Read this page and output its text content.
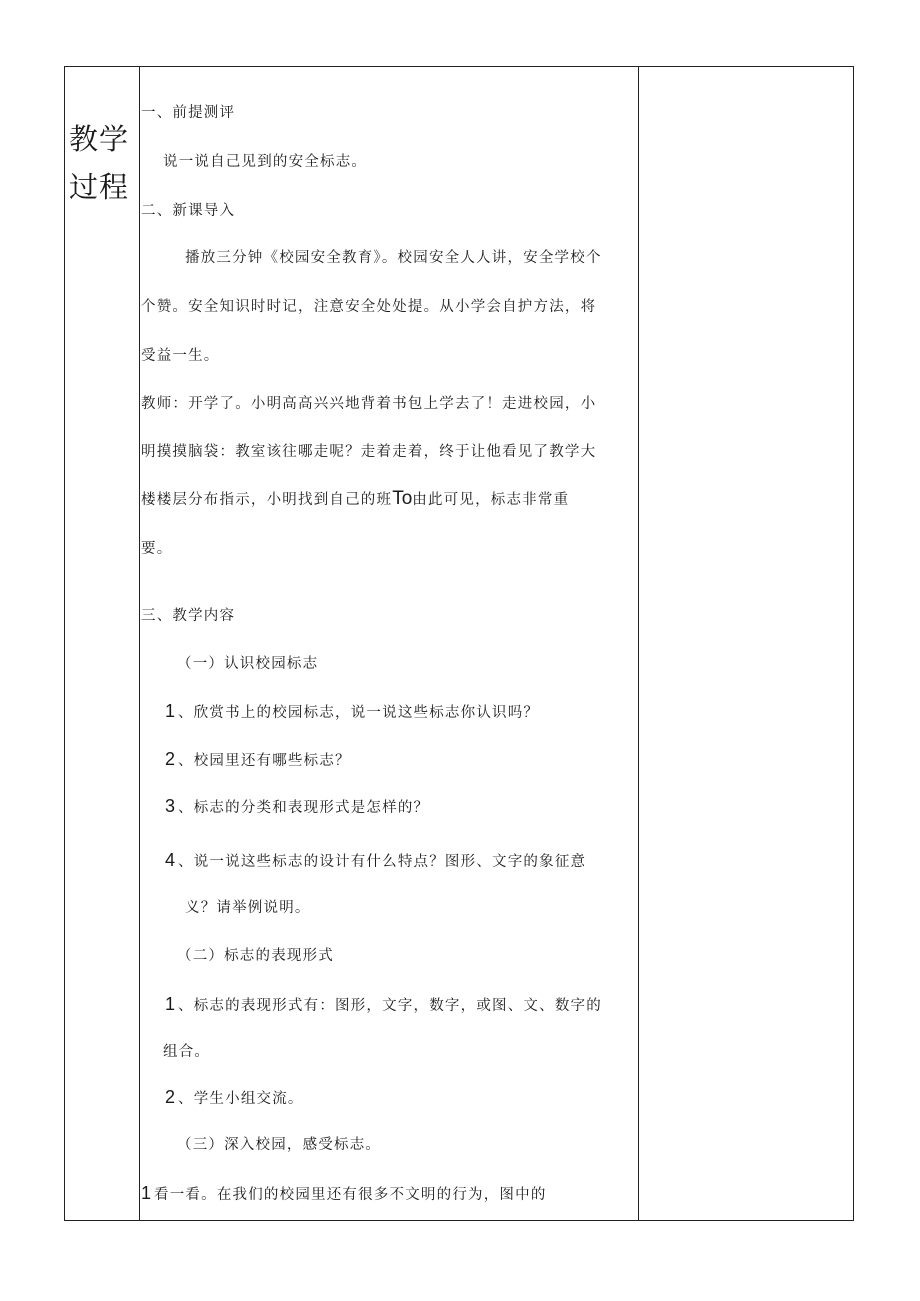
教学过程
一、前提测评
说一说自己见到的安全标志。
二、新课导入
播放三分钟《校园安全教育》。校园安全人人讲，安全学校个
个赞。安全知识时时记，注意安全处处提。从小学会自护方法，将
受益一生。
教师：开学了。小明高高兴兴地背着书包上学去了！走进校园，小
明摸摸脑袋：教室该往哪走呢？走着走着，终于让他看见了教学大
楼楼层分布指示，小明找到自己的班To由此可见，标志非常重
要。
三、教学内容
（一）认识校园标志
1 、欣赏书上的校园标志，说一说这些标志你认识吗？
2 、校园里还有哪些标志？
3 、标志的分类和表现形式是怎样的？
4 、说一说这些标志的设计有什么特点？图形、文字的象征意
义？请举例说明。
（二）标志的表现形式
1 、标志的表现形式有：图形，文字，数字，或图、文、数字的
组合。
2 、学生小组交流。
（三）深入校园，感受标志。
1 看一看。在我们的校园里还有很多不文明的行为，图中的
